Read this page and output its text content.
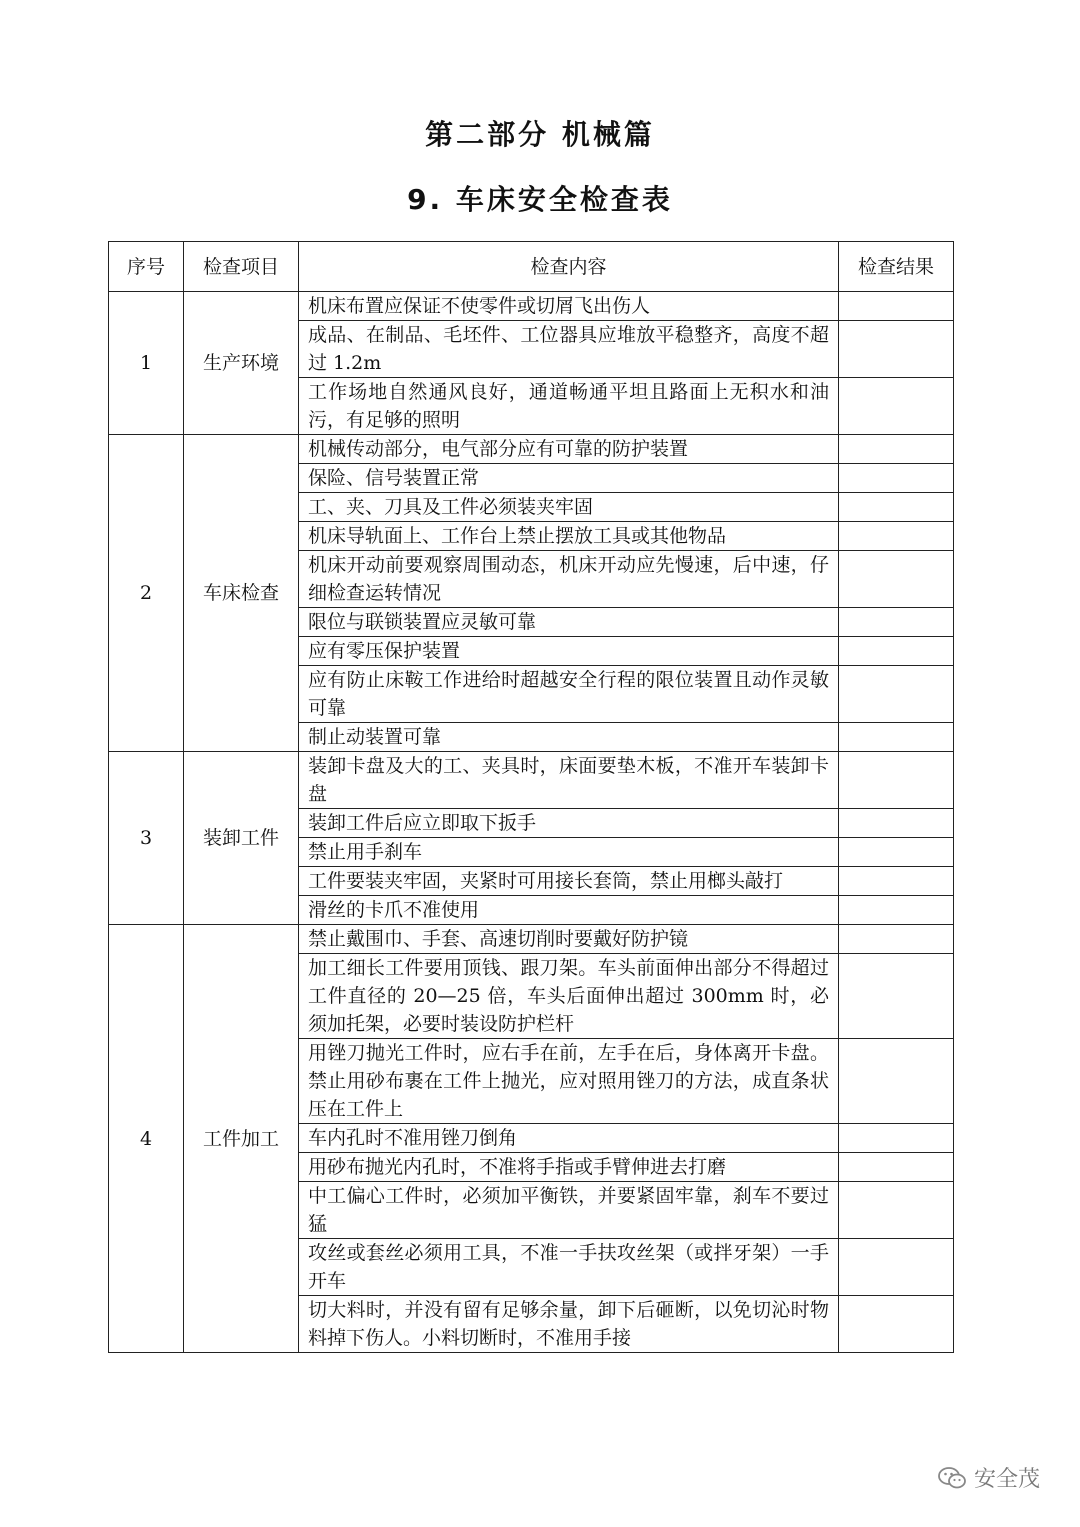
第二部分 机械篇
9. 车床安全检查表
序号	检查项目	检查内容	检查结果
1	生产环境	机床布置应保证不使零件或切屑飞出伤人	
		成品、在制品、毛坯件、工位器具应堆放平稳整齐，高度不超过 1.2m	
		工作场地自然通风良好，通道畅通平坦且路面上无积水和油污，有足够的照明	
2	车床检查	机械传动部分，电气部分应有可靠的防护装置	
		保险、信号装置正常	
		工、夹、刀具及工件必须装夹牢固	
		机床导轨面上、工作台上禁止摆放工具或其他物品	
		机床开动前要观察周围动态，机床开动应先慢速，后中速，仔细检查运转情况	
		限位与联锁装置应灵敏可靠	
		应有零压保护装置	
		应有防止床鞍工作进给时超越安全行程的限位装置且动作灵敏可靠	
		制止动装置可靠	
3	装卸工件	装卸卡盘及大的工、夹具时，床面要垫木板，不准开车装卸卡盘	
		装卸工件后应立即取下扳手	
		禁止用手刹车	
		工件要装夹牢固，夹紧时可用接长套筒，禁止用榔头敲打	
		滑丝的卡爪不准使用	
4	工件加工	禁止戴围巾、手套、高速切削时要戴好防护镜	
		加工细长工件要用顶钱、跟刀架。车头前面伸出部分不得超过工件直径的 20—25 倍，车头后面伸出超过 300mm 时，必须加托架，必要时装设防护栏杆	
		用锉刀抛光工件时，应右手在前，左手在后，身体离开卡盘。禁止用砂布裹在工件上抛光，应对照用锉刀的方法，成直条状压在工件上	
		车内孔时不准用锉刀倒角	
		用砂布抛光内孔时，不准将手指或手臂伸进去打磨	
		中工偏心工件时，必须加平衡铁，并要紧固牢靠，刹车不要过猛	
		攻丝或套丝必须用工具，不准一手扶攻丝架（或拌牙架）一手开车	
		切大料时，并没有留有足够余量，卸下后砸断，以免切沁时物料掉下伤人。小料切断时，不准用手接	
安全茂
